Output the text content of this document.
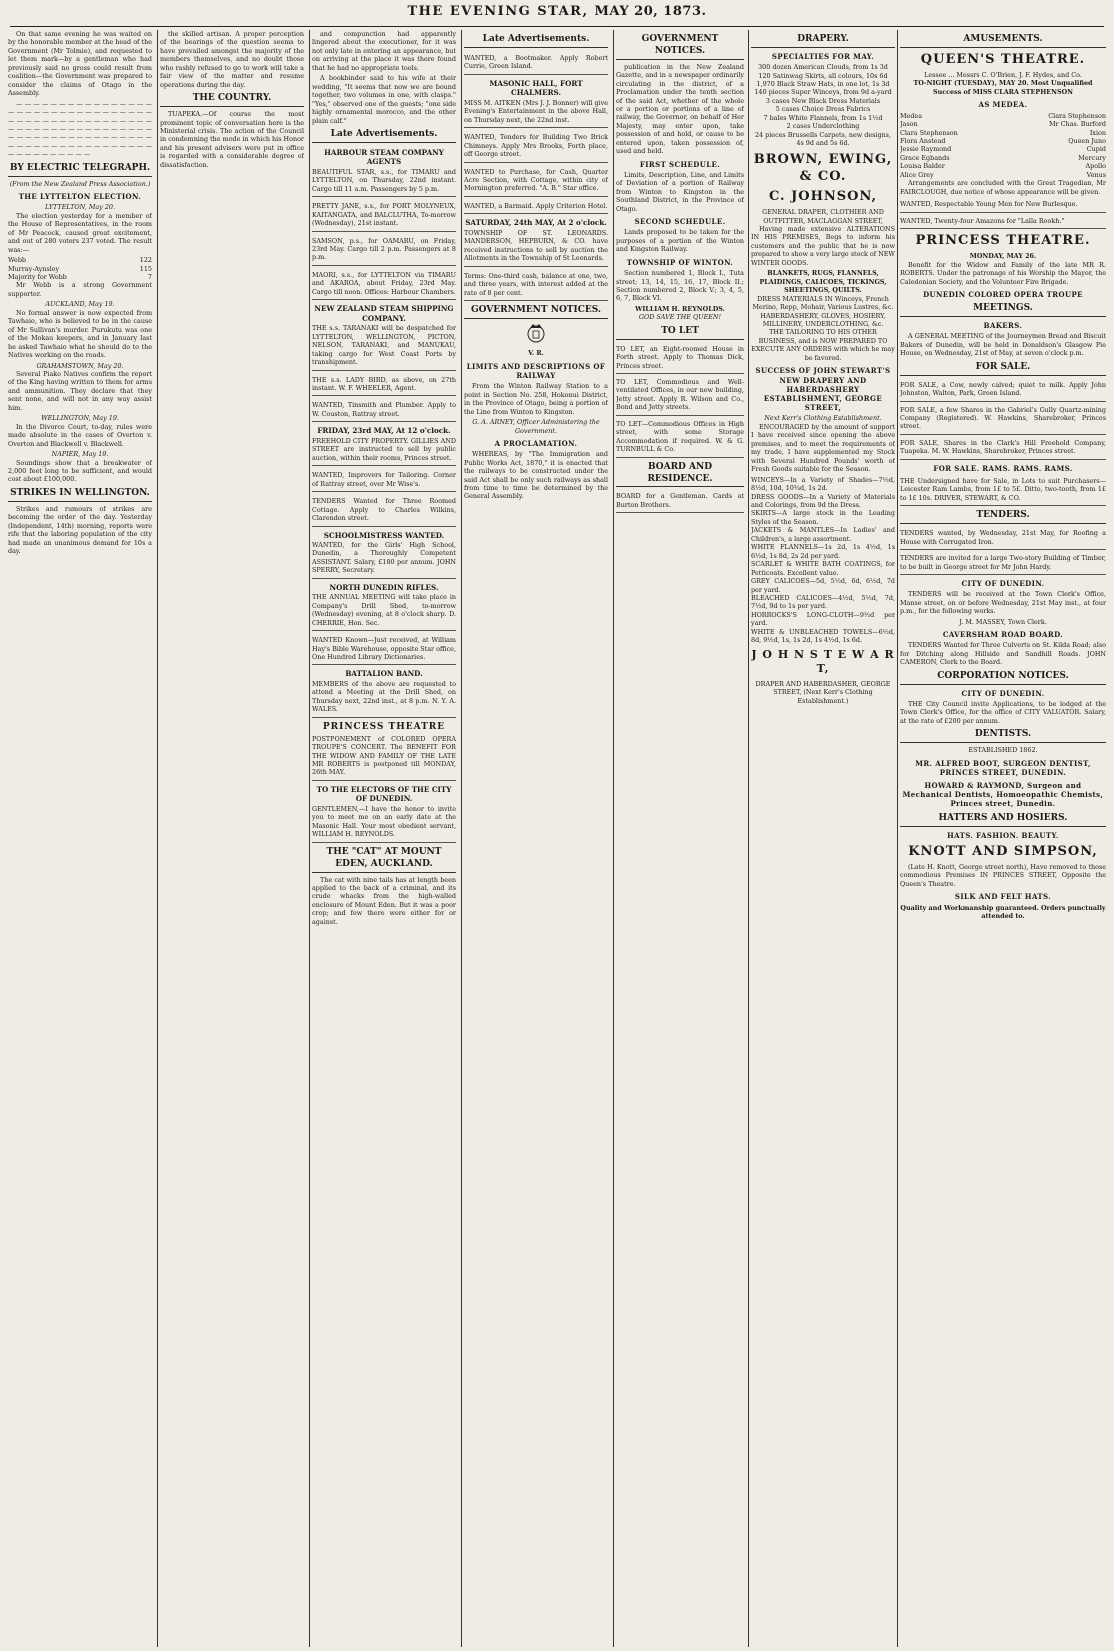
THE EVENING STAR, MAY 20, 1873.

On that same evening he was waited on by the honorable member at the head of the Government (Mr Tolmie), and requested to let them mark—by a gentleman who had previously said no gross could result from coalition—the Government was prepared to consider the claims of Otago in the Assembly.

— — — — — — — — — — — — — — — — — — — — — — — — — — — — — — — — — — — — — — — — — — — — — — — — — — — — — — — — — — — — — — — — — — — — — — — — — — — — — — — — — — — — — — — — — — — — — — — — — — — — — — — — — — — — — — —

BY ELECTRIC TELEGRAPH.
(From the New Zealand Press Association.)
THE LYTTELTON ELECTION.
LYTTELTON, May 20.

The election yesterday for a member of the House of Representatives, in the room of Mr Peacock, caused great excitement, and out of 280 voters 237 voted. The result was:—

Webb	122
Murray-Aynsley	115
Majority for Webb	7

Mr Webb is a strong Government supporter.

AUCKLAND, May 19.

No formal answer is now expected from Tawhaio, who is believed to be in the cause of Mr Sullivan's murder. Purukutu was one of the Mokau keepers, and in January last he asked Tawhaio what he should do to the Natives working on the roads.

GRAHAMSTOWN, May 20.

Several Piako Natives confirm the report of the King having written to them for arms and ammunition. They declare that they sent none, and will not in any way assist him.

WELLINGTON, May 19.

In the Divorce Court, to-day, rules were made absolute in the cases of Overton v. Overton and Blackwell v. Blackwell.

NAPIER, May 19.

Soundings show that a breakwater of 2,000 feet long to be sufficient, and would cost about £100,000.

STRIKES IN WELLINGTON.

Strikes and rumours of strikes are becoming the order of the day. Yesterday (Independent, 14th) morning, reports were rife that the laboring population of the city had made an unanimous demand for 10s a day.

the skilled artisan. A proper perception of the bearings of the question seems to have prevailed amongst the majority of the members themselves, and no doubt those who rashly refused to go to work will take a fair view of the matter and resume operations during the day.

THE COUNTRY.

TUAPEKA.—Of course the most prominent topic of conversation here is the Ministerial crisis. The action of the Council in condemning the mode in which his Honor and his present advisers were put in office is regarded with a considerable degree of dissatisfaction.

and compunction had apparently lingered about the executioner, for it was not only late in entering an appearance, but on arriving at the place it was there found that he had no appropriate tools.

A bookbinder said to his wife at their wedding, "It seems that now we are bound together, two volumes in one, with clasps." "Yes," observed one of the guests; "one side highly ornamental morocco, and the other plain calf."

Late Advertisements.
HARBOUR STEAM COMPANY AGENTS
BEAUTIFUL STAR, s.s., for TIMARU and LYTTELTON, on Thursday, 22nd instant. Cargo till 11 a.m. Passengers by 5 p.m.
PRETTY JANE, s.s., for PORT MOLYNEUX, KAITANGATA, and BALCLUTHA, To-morrow (Wednesday), 21st instant.
SAMSON, p.s., for OAMARU, on Friday, 23rd May. Cargo till 2 p.m. Passengers at 8 p.m.
MAORI, s.s., for LYTTELTON via TIMARU and AKAROA, about Friday, 23rd May. Cargo till noon. Offices: Harbour Chambers.
NEW ZEALAND STEAM SHIPPING COMPANY.
THE s.s. TARANAKI will be despatched for LYTTELTON, WELLINGTON, PICTON, NELSON, TARANAKI, and MANUKAU, taking cargo for West Coast Ports by transhipment.
THE s.s. LADY BIRD, as above, on 27th instant. W. F. WHEELER, Agent.
WANTED, Tinsmith and Plumber. Apply to W. Couston, Rattray street.
FRIDAY, 23rd MAY, At 12 o'clock.
FREEHOLD CITY PROPERTY. GILLIES AND STREET are instructed to sell by public auction, within their rooms, Princes street.
WANTED, Improvers for Tailoring. Corner of Rattray street, over Mr Wise's.
TENDERS Wanted for Three Roomed Cottage. Apply to Charles Wilkins, Clarendon street.
SCHOOLMISTRESS WANTED.
WANTED, for the Girls' High School, Dunedin, a Thoroughly Competent ASSISTANT. Salary, £180 per annum. JOHN SPERRY, Secretary.
NORTH DUNEDIN RIFLES.
THE ANNUAL MEETING will take place in Company's Drill Shed, to-morrow (Wednesday) evening, at 8 o'clock sharp. D. CHERRIE, Hon. Sec.
WANTED Known—Just received, at William Hay's Bible Warehouse, opposite Star office, One Hundred Library Dictionaries.
BATTALION BAND.
MEMBERS of the above are requested to attend a Meeting at the Drill Shed, on Thursday next, 22nd inst., at 8 p.m. N. Y. A. WALES.
PRINCESS THEATRE
POSTPONEMENT of COLORED OPERA TROUPE'S CONCERT. The BENEFIT FOR THE WIDOW AND FAMILY OF THE LATE MR ROBERTS is postponed till MONDAY, 26th MAY.
TO THE ELECTORS OF THE CITY OF DUNEDIN.
GENTLEMEN,—I have the honor to invite you to meet me on an early date at the Masonic Hall. Your most obedient servant, WILLIAM H. REYNOLDS.
THE "CAT" AT MOUNT EDEN, AUCKLAND.

The cat with nine tails has at length been applied to the back of a criminal, and its crude whacks from the high-walled enclosure of Mount Eden. But it was a poor crop; and few there were either for or against.

Late Advertisements.
WANTED, a Bootmaker. Apply Robert Currie, Green Island.
MASONIC HALL, FORT CHALMERS.
MISS M. AITKEN (Mrs J. J. Bonner) will give Evening's Entertainment in the above Hall, on Thursday next, the 22nd inst.
WANTED, Tenders for Building Two Brick Chimneys. Apply Mrs Brooks, Forth place, off George street.
WANTED to Purchase, for Cash, Quarter Acre Section, with Cottage, within city of Mornington preferred. "A. B." Star office.
WANTED, a Barmaid. Apply Criterion Hotel.
SATURDAY, 24th MAY, At 2 o'clock.
TOWNSHIP OF ST. LEONARDS. MANDERSON, HEPBURN, & CO. have received instructions to sell by auction the Allotments in the Township of St Leonards.
Terms: One-third cash, balance at one, two, and three years, with interest added at the rate of 8 per cent.
GOVERNMENT NOTICES.
V. R.
LIMITS AND DESCRIPTIONS OF RAILWAY

From the Winton Railway Station to a point in Section No. 258, Hokonui District, in the Province of Otago, being a portion of the Line from Winton to Kingston.

G. A. ARNEY, Officer Administering the Government.
A PROCLAMATION.

WHEREAS, by "The Immigration and Public Works Act, 1870," it is enacted that the railways to be constructed under the said Act shall be only such railways as shall from time to time be determined by the General Assembly.

GOVERNMENT NOTICES.

publication in the New Zealand Gazette, and in a newspaper ordinarily circulating in the district, of a Proclamation under the tenth section of the said Act, whether of the whole or a portion or portions of a line of railway, the Governor, on behalf of Her Majesty, may enter upon, take possession of and hold, or cause to be entered upon, taken possession of, used and held.

FIRST SCHEDULE.

Limits, Description, Line, and Limits of Deviation of a portion of Railway from Winton to Kingston in the Southland District, in the Province of Otago.

SECOND SCHEDULE.

Lands proposed to be taken for the purposes of a portion of the Winton and Kingston Railway.

TOWNSHIP OF WINTON.

Section numbered 1, Block I., Tuta street; 13, 14, 15, 16, 17, Block II.; Section numbered 2, Block V.; 3, 4, 5, 6, 7, Block VI.

WILLIAM H. REYNOLDS.
GOD SAVE THE QUEEN!
TO LET
TO LET, an Eight-roomed House in Forth street. Apply to Thomas Dick, Princes street.
TO LET, Commodious and Well-ventilated Offices, in our new building, Jetty street. Apply R. Wilson and Co., Bond and Jetty streets.
TO LET—Commodious Offices in High street, with some Storage Accommodation if required. W. & G. TURNBULL & Co.
BOARD AND RESIDENCE.
BOARD for a Gentleman. Cards at Burton Brothers.
DRAPERY.
SPECIALTIES FOR MAY.
300 dozen American Clouds, from 1s 3d
120 Satinwag Skirts, all colours, 10s 6d
1,970 Black Straw Hats, in one lot, 1s 3d
140 pieces Super Winceys, from 9d a-yard
3 cases New Black Dress Materials
5 cases Choice Dress Fabrics
7 bales White Flannels, from 1s 1½d
2 cases Underclothing
24 pieces Brussells Carpets, new designs, 4s 9d and 5s 6d.
BROWN, EWING, & CO.
C. JOHNSON,
GENERAL DRAPER, CLOTHIER AND OUTFITTER, MACLAGGAN STREET,

Having made extensive ALTERATIONS IN HIS PREMISES, Begs to inform his customers and the public that he is now prepared to show a very large stock of NEW WINTER GOODS.

BLANKETS, RUGS, FLANNELS, PLAIDINGS, CALICOES, TICKINGS, SHEETINGS, QUILTS.
DRESS MATERIALS IN Winceys, French Merino, Repp, Mohair, Various Lustres, &c. HABERDASHERY, GLOVES, HOSIERY, MILLINERY, UNDERCLOTHING, &c.
THE TAILORING TO HIS OTHER BUSINESS, and is NOW PREPARED TO EXECUTE ANY ORDERS with which he may be favored.
SUCCESS OF JOHN STEWART'S NEW DRAPERY AND HABERDASHERY ESTABLISHMENT, GEORGE STREET,
Next Kerr's Clothing Establishment.

ENCOURAGED by the amount of support I have received since opening the above premises, and to meet the requirements of my trade, I have supplemented my Stock with Several Hundred Pounds' worth of Fresh Goods suitable for the Season.

WINCEYS—In a Variety of Shades—7½d, 8½d, 10d, 10¾d, 1s 2d.
DRESS GOODS—In a Variety of Materials and Colorings, from 9d the Dress.
SKIRTS—A large stock in the Leading Styles of the Season.
JACKETS & MANTLES—In Ladies' and Children's, a large assortment.
WHITE FLANNELS—1s 2d, 1s 4½d, 1s 6½d, 1s 8d, 2s 2d per yard.
SCARLET & WHITE BATH COATINGS, for Petticoats. Excellent value.
GREY CALICOES—5d, 5½d, 6d, 6½d, 7d per yard.
BLEACHED CALICOES—4½d, 5½d, 7d, 7½d, 9d to 1s per yard.
HORROCKS'S LONG-CLOTH—9½d per yard.
WHITE & UNBLEACHED TOWELS—6½d, 8d, 9½d, 1s, 1s 2d, 1s 4½d, 1s 6d.
J O H N S T E W A R T,
DRAPER AND HABERDASHER, GEORGE STREET, (Next Kerr's Clothing Establishment.)
AMUSEMENTS.
QUEEN'S THEATRE.
Lessee ... Messrs C. O'Brien, J. F. Hydes, and Co.
TO-NIGHT (TUESDAY), MAY 20. Most Unqualified Success of MISS CLARA STEPHENSON
AS MEDEA.
Medea	Clara Stephenson
Jason	Mr Chas. Burford
Clara Stephenson	Ixion
Flora Anstead	Queen Juno
Jessie Raymond	Cupid
Grace Egbands	Mercury
Louisa Balder	Apollo
Alice Grey	Venus

Arrangements are concluded with the Great Tragedian, Mr FAIRCLOUGH, due notice of whose appearance will be given.

WANTED, Respectable Young Men for New Burlesque.
WANTED, Twenty-four Amazons for "Lalla Rookh."
PRINCESS THEATRE.
MONDAY, MAY 26.

Benefit for the Widow and Family of the late MR R. ROBERTS. Under the patronage of his Worship the Mayor, the Caledonian Society, and the Volunteer Fire Brigade.

DUNEDIN COLORED OPERA TROUPE
MEETINGS.
BAKERS.

A GENERAL MEETING of the Journeymen Bread and Biscuit Bakers of Dunedin, will be held in Donaldson's Glasgow Pie House, on Wednesday, 21st of May, at seven o'clock p.m.

FOR SALE.
FOR SALE, a Cow, newly calved; quiet to milk. Apply John Johnston, Walton, Park, Green Island.
FOR SALE, a few Shares in the Gabriel's Gully Quartz-mining Company (Registered). W. Hawkins, Sharebroker, Princes street.
FOR SALE, Shares in the Clark's Hill Freehold Company, Tuapeka. M. W. Hawkins, Sharebroker, Princes street.
FOR SALE. RAMS. RAMS. RAMS.
THE Undersigned have for Sale, in Lots to suit Purchasers— Leicester Ram Lambs, from 1£ to 5£. Ditto, two-tooth, from 1£ to 1£ 10s. DRIVER, STEWART, & CO.
TENDERS.
TENDERS wanted, by Wednesday, 21st May, for Roofing a House with Corrugated Iron.
TENDERS are invited for a large Two-story Building of Timber, to be built in George street for Mr John Hardy.
CITY OF DUNEDIN.

TENDERS will be received at the Town Clerk's Office, Manse street, on or before Wednesday, 21st May inst., at four p.m., for the following works.

J. M. MASSEY, Town Clerk.
CAVERSHAM ROAD BOARD.

TENDERS Wanted for Three Culverts on St. Kilda Road; also for Ditching along Hillside and Sandhill Roads. JOHN CAMERON, Clerk to the Board.

CORPORATION NOTICES.
CITY OF DUNEDIN.

THE City Council invite Applications, to be lodged at the Town Clerk's Office, for the office of CITY VALUATOR. Salary, at the rate of £200 per annum.

DENTISTS.
ESTABLISHED 1862.
MR. ALFRED BOOT, SURGEON DENTIST, PRINCES STREET, DUNEDIN.
HOWARD & RAYMOND, Surgeon and Mechanical Dentists, Homoeopathic Chemists, Princes street, Dunedin.
HATTERS AND HOSIERS.
HATS. FASHION. BEAUTY.
KNOTT AND SIMPSON,

(Late H. Knott, George street north), Have removed to those commodious Premises IN PRINCES STREET, Opposite the Queen's Theatre.

SILK AND FELT HATS.
Quality and Workmanship guaranteed. Orders punctually attended to.
